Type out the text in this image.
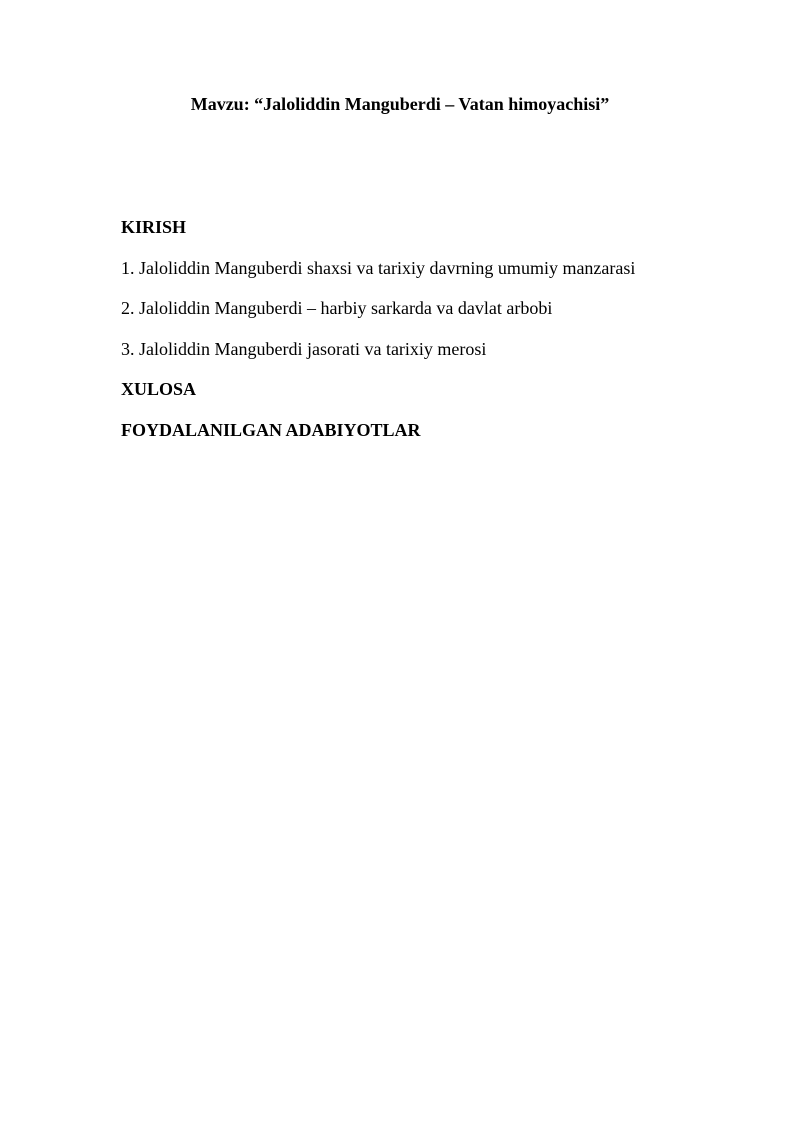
Mavzu: “Jaloliddin Manguberdi – Vatan himoyachisi”
KIRISH
1. Jaloliddin Manguberdi shaxsi va tarixiy davrning umumiy manzarasi
2. Jaloliddin Manguberdi – harbiy sarkarda va davlat arbobi
3. Jaloliddin Manguberdi jasorati va tarixiy merosi
XULOSA
FOYDALANILGAN ADABIYOTLAR
